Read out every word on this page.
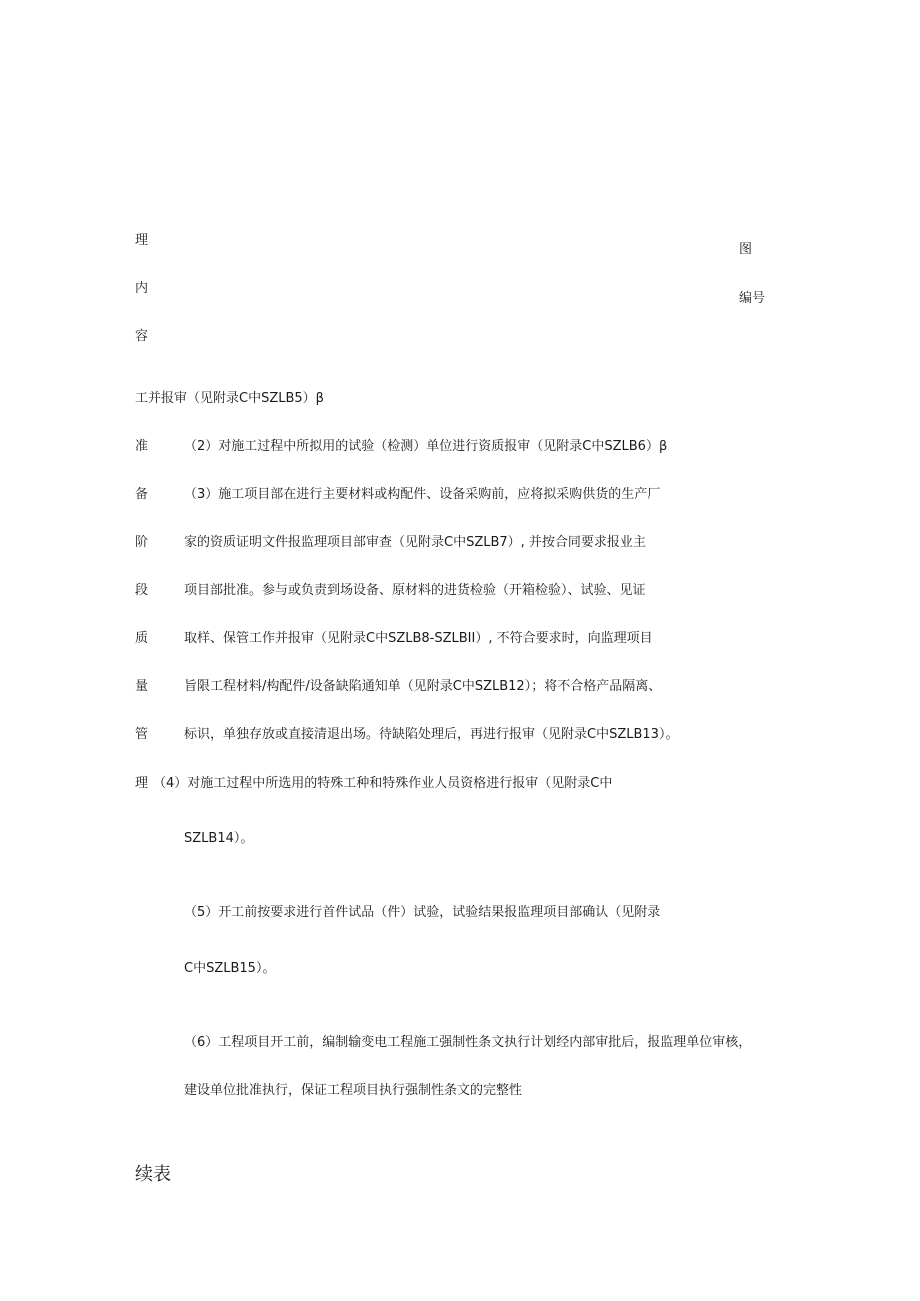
理
内
容
准
备
阶
段
质
量
管
理
图
编号
工并报审（见附录C中SZLB5）β
（2）对施工过程中所拟用的试验（检测）单位进行资质报审（见附录C中SZLB6）β
（3）施工项目部在进行主要材料或构配件、设备采购前，应将拟采购供货的生产厂
家的资质证明文件报监理项目部审查（见附录C中SZLB7）, 并按合同要求报业主
项目部批准。参与或负责到场设备、原材料的进货检验（开箱检验）、试验、见证
取样、保管工作并报审（见附录C中SZLB8-SZLBII）, 不符合要求时，向监理项目
旨限工程材料/构配件/设备缺陷通知单（见附录C中SZLB12）；将不合格产品隔离、
标识，单独存放或直接清退出场。待缺陷处理后，再进行报审（见附录C中SZLB13）。
（4）对施工过程中所选用的特殊工种和特殊作业人员资格进行报审（见附录C中
SZLB14）。
（5）开工前按要求进行首件试品（件）试验，试验结果报监理项目部确认（见附录
C中SZLB15）。
（6）工程项目开工前，编制输变电工程施工强制性条文执行计划经内部审批后，报监理单位审核，
建设单位批准执行，保证工程项目执行强制性条文的完整性
续表
